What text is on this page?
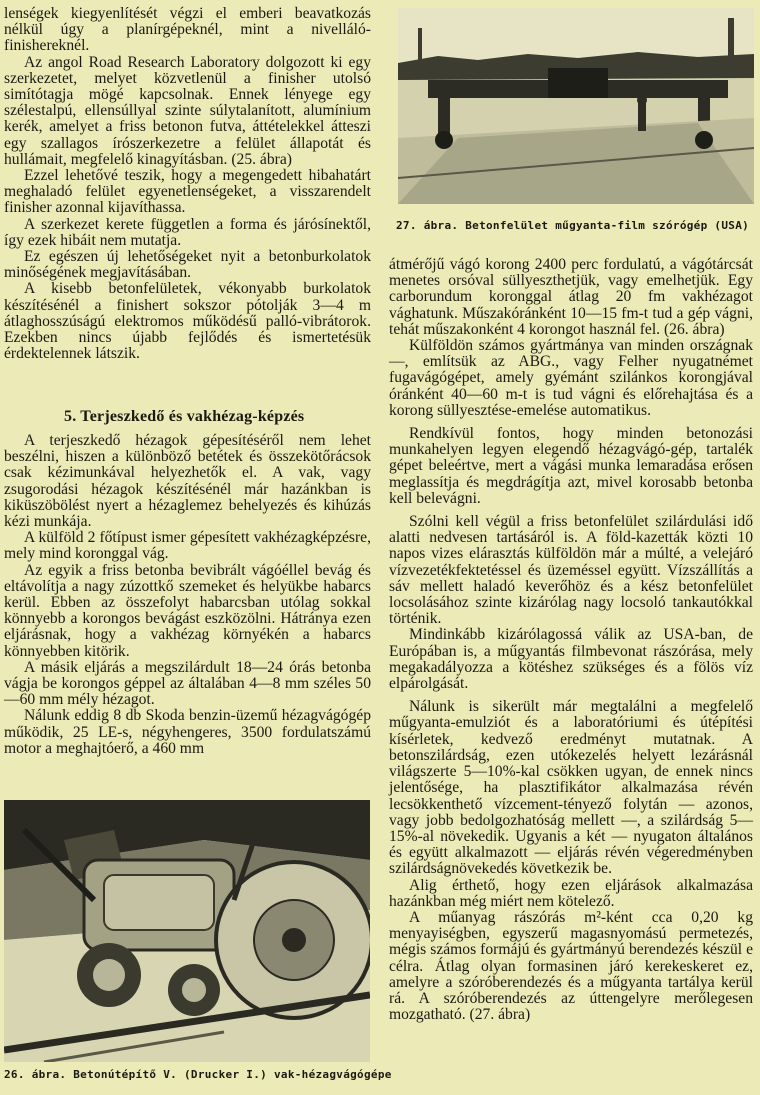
lenségek kiegyenlítését végzi el emberi beavatkozás nélkül úgy a planírgépeknél, mint a nivelláló-finishereknél.

Az angol Road Research Laboratory dolgozott ki egy szerkezetet, melyet közvetlenül a finisher utolsó simítótagja mögé kapcsolnak. Ennek lényege egy szélestalpú, ellensúllyal szinte súlytalanított, alumínium kerék, amelyet a friss betonon futva, áttételekkel átteszi egy szallagos írószerkezetre a felület állapotát és hullámait, megfelelő kinagyításban. (25. ábra)

Ezzel lehetővé teszik, hogy a megengedett hibahatárt meghaladó felület egyenetlenségeket, a visszarendelt finisher azonnal kijavíthassa.

A szerkezet kerete független a forma és járósínektől, így ezek hibáit nem mutatja.

Ez egészen új lehetőségeket nyit a betonburkolatok minőségének megjavításában.

A kisebb betonfelületek, vékonyabb burkolatok készítésénél a finishert sokszor pótolják 3—4 m átlaghosszúságú elektromos működésű palló-vibrátorok. Ezekben nincs újabb fejlődés és ismertetésük érdektelennek látszik.

5. Terjeszkedő és vakhézag-képzés

A terjeszkedő hézagok gépesítéséről nem lehet beszélni, hiszen a különböző betétek és összekötőrácsok csak kézimunkával helyezhetők el. A vak, vagy zsugorodási hézagok készítésénél már hazánkban is kiküszöbölést nyert a hézaglemez behelyezés és kihúzás kézi munkája.

A külföld 2 főtípust ismer gépesített vakhézagképzésre, mely mind koronggal vág.

Az egyik a friss betonba bevibrált vágóéllel bevág és eltávolítja a nagy zúzottkő szemeket és helyükbe habarcs kerül. Ebben az összefolyt habarcsban utólag sokkal könnyebb a korongos bevágást eszközölni. Hátránya ezen eljárásnak, hogy a vakhézag környékén a habarcs könnyebben kitörik.

A másik eljárás a megszilárdult 18—24 órás betonba vágja be korongos géppel az általában 4—8 mm széles 50—60 mm mély hézagot.

Nálunk eddig 8 db Skoda benzin-üzemű hézagvágógép működik, 25 LE-s, négyhengeres, 3500 fordulatszámú motor a meghajtóerő, a 460 mm

26. ábra. Betonútépítő V. (Drucker I.) vak-hézagvágógépe
27. ábra. Betonfelület műgyanta-film szórógép (USA)

átmérőjű vágó korong 2400 perc fordulatú, a vágótárcsát menetes orsóval süllyeszthetjük, vagy emelhetjük. Egy carborundum koronggal átlag 20 fm vakhézagot vághatunk. Műszakóránként 10—15 fm-t tud a gép vágni, tehát műszakonként 4 korongot használ fel. (26. ábra)

Külföldön számos gyártmánya van minden országnak —, említsük az ABG., vagy Felher nyugatnémet fugavágógépet, amely gyémánt szilánkos korongjával óránként 40—60 m-t is tud vágni és előrehajtása és a korong süllyesztése-emelése automatikus.

Rendkívül fontos, hogy minden betonozási munkahelyen legyen elegendő hézagvágó-gép, tartalék gépet beleértve, mert a vágási munka lemaradása erősen meglassítja és megdrágítja azt, mivel korosabb betonba kell belevágni.

Szólni kell végül a friss betonfelület szilárdulási idő alatti nedvesen tartásáról is. A föld-kazetták közti 10 napos vizes elárasztás külföldön már a múlté, a velejáró vízvezetékfektetéssel és üzeméssel együtt. Vízszállítás a sáv mellett haladó keverőhöz és a kész betonfelület locsolásához szinte kizárólag nagy locsoló tankautókkal történik.

Mindinkább kizárólagossá válik az USA-ban, de Európában is, a műgyantás filmbevonat rászórása, mely megakadályozza a kötéshez szükséges és a fölös víz elpárolgását.

Nálunk is sikerült már megtalálni a megfelelő műgyanta-emulziót és a laboratóriumi és útépítési kísérletek, kedvező eredményt mutatnak. A betonszilárdság, ezen utókezelés helyett lezárásnál világszerte 5—10%-kal csökken ugyan, de ennek nincs jelentősége, ha plasztifikátor alkalmazása révén lecsökkenthető vízcement-tényező folytán — azonos, vagy jobb bedolgozhatóság mellett —, a szilárdság 5—15%-al növekedik. Ugyanis a két — nyugaton általános és együtt alkalmazott — eljárás révén végeredményben szilárdságnövekedés következik be.

Alig érthető, hogy ezen eljárások alkalmazása hazánkban még miért nem kötelező.

A műanyag rászórás m²-ként cca 0,20 kg menyayiségben, egyszerű magasnyomású permetezés, mégis számos formájú és gyártmányú berendezés készül e célra. Átlag olyan formasinen járó kerekeskeret ez, amelyre a szóróberendezés és a műgyanta tartálya kerül rá. A szóróberendezés az úttengelyre merőlegesen mozgatható. (27. ábra)
